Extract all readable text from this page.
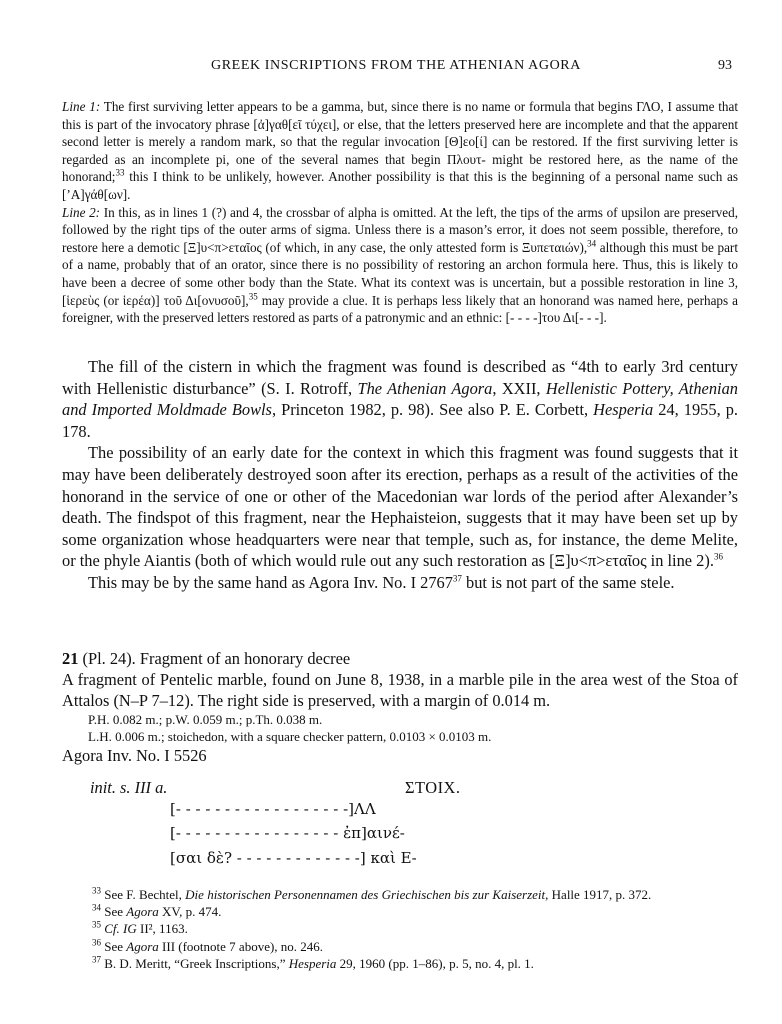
GREEK INSCRIPTIONS FROM THE ATHENIAN AGORA	93

Line 1: The first surviving letter appears to be a gamma, but, since there is no name or formula that begins ΓΛΟ, I assume that this is part of the invocatory phrase [ἀ]γαθ[εῖ τύχει], or else, that the letters preserved here are incomplete and that the apparent second letter is merely a random mark, so that the regular invocation [Θ]εο[ί] can be restored. If the first surviving letter is regarded as an incomplete pi, one of the several names that begin Πλουτ- might be restored here, as the name of the honorand;$^{33}$ this I think to be unlikely, however. Another possibility is that this is the beginning of a personal name such as [’Α]γάθ[ων].

Line 2: In this, as in lines 1 (?) and 4, the crossbar of alpha is omitted. At the left, the tips of the arms of upsilon are preserved, followed by the right tips of the outer arms of sigma. Unless there is a mason’s error, it does not seem possible, therefore, to restore here a demotic [Ξ]υ<π>εταῖος (of which, in any case, the only attested form is Ξυπεταιών),$^{34}$ although this must be part of a name, probably that of an orator, since there is no possibility of restoring an archon formula here. Thus, this is likely to have been a decree of some other body than the State. What its context was is uncertain, but a possible restoration in line 3, [ἱερεὺς (or ἱερέα)] τοῦ Δι[ονυσοῦ],$^{35}$ may provide a clue. It is perhaps less likely that an honorand was named here, perhaps a foreigner, with the preserved letters restored as parts of a patronymic and an ethnic: [- - - -]του Δι[- - -].

The fill of the cistern in which the fragment was found is described as “4th to early 3rd century with Hellenistic disturbance” (S. I. Rotroff, The Athenian Agora, XXII, Hellenistic Pottery, Athenian and Imported Moldmade Bowls, Princeton 1982, p. 98). See also P. E. Corbett, Hesperia 24, 1955, p. 178.

The possibility of an early date for the context in which this fragment was found suggests that it may have been deliberately destroyed soon after its erection, perhaps as a result of the activities of the honorand in the service of one or other of the Macedonian war lords of the period after Alexander’s death. The findspot of this fragment, near the Hephaisteion, suggests that it may have been set up by some organization whose headquarters were near that temple, such as, for instance, the deme Melite, or the phyle Aiantis (both of which would rule out any such restoration as [Ξ]υ<π>εταῖος in line 2).$^{36}$

This may be by the same hand as Agora Inv. No. I 2767$^{37}$ but is not part of the same stele.

21 (Pl. 24). Fragment of an honorary decree
A fragment of Pentelic marble, found on June 8, 1938, in a marble pile in the area west of the Stoa of Attalos (N–P 7–12). The right side is preserved, with a margin of 0.014 m.
P.H. 0.082 m.; p.W. 0.059 m.; p.Th. 0.038 m.
L.H. 0.006 m.; stoichedon, with a square checker pattern, 0.0103 × 0.0103 m.
Agora Inv. No. I 5526
init. s. III a.	ΣΤΟΙΧ.
[- - - - - - - - - - - - - - - - - -]ΛΛ
[- - - - - - - - - - - - - - - - - ἐπ]αινέ-
[σαι δὲ? - - - - - - - - - - - - -] καὶ Ε-

$^{33}$ See F. Bechtel, Die historischen Personennamen des Griechischen bis zur Kaiserzeit, Halle 1917, p. 372.

$^{34}$ See Agora XV, p. 474.

$^{35}$ Cf. IG II², 1163.

$^{36}$ See Agora III (footnote 7 above), no. 246.

$^{37}$ B. D. Meritt, “Greek Inscriptions,” Hesperia 29, 1960 (pp. 1–86), p. 5, no. 4, pl. 1.
